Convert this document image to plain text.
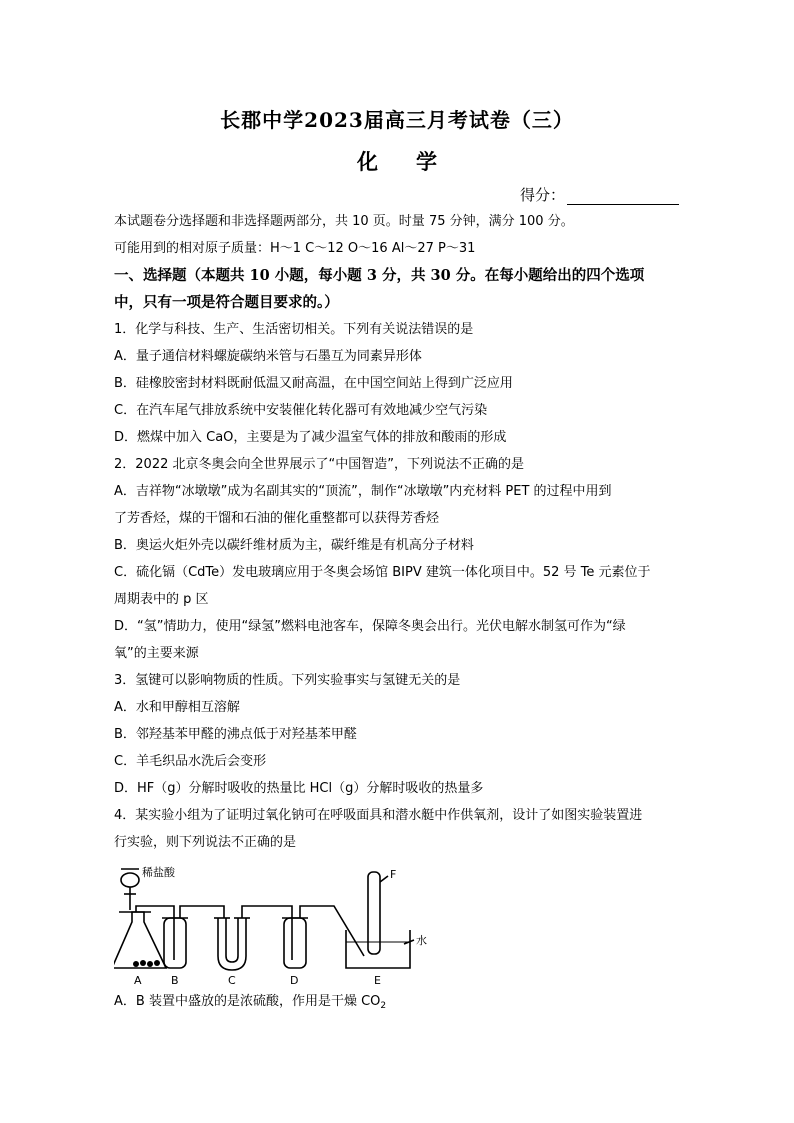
长郡中学2023届高三月考试卷（三）
化 学
得分：
本试题卷分选择题和非选择题两部分，共 10 页。时量 75 分钟，满分 100 分。
可能用到的相对原子质量：H～1 C～12 O～16 Al～27 P～31
一、选择题（本题共 10 小题，每小题 3 分，共 30 分。在每小题给出的四个选项
中，只有一项是符合题目要求的。）
1．化学与科技、生产、生活密切相关。下列有关说法错误的是
A．量子通信材料螺旋碳纳米管与石墨互为同素异形体
B．硅橡胶密封材料既耐低温又耐高温，在中国空间站上得到广泛应用
C．在汽车尾气排放系统中安装催化转化器可有效地减少空气污染
D．燃煤中加入 CaO，主要是为了减少温室气体的排放和酸雨的形成
2．2022 北京冬奥会向全世界展示了“中国智造”，下列说法不正确的是
A．吉祥物“冰墩墩”成为名副其实的“顶流”，制作“冰墩墩”内充材料 PET 的过程中用到
了芳香烃，煤的干馏和石油的催化重整都可以获得芳香烃
B．奥运火炬外壳以碳纤维材质为主，碳纤维是有机高分子材料
C．硫化镉（CdTe）发电玻璃应用于冬奥会场馆 BIPV 建筑一体化项目中。52 号 Te 元素位于
周期表中的 p 区
D．“氢”情助力，使用“绿氢”燃料电池客车，保障冬奥会出行。光伏电解水制氢可作为“绿
氧”的主要来源
3．氢键可以影响物质的性质。下列实验事实与氢键无关的是
A．水和甲醇相互溶解
B．邻羟基苯甲醛的沸点低于对羟基苯甲醛
C．羊毛织品水洗后会变形
D．HF（g）分解时吸收的热量比 HCl（g）分解时吸收的热量多
4．某实验小组为了证明过氧化钠可在呼吸面具和潜水艇中作供氧剂，设计了如图实验装置进
行实验，则下列说法不正确的是
稀盐酸
A	B	C	D	E
F
水
A．B 装置中盛放的是浓硫酸，作用是干燥 $CO_2$
